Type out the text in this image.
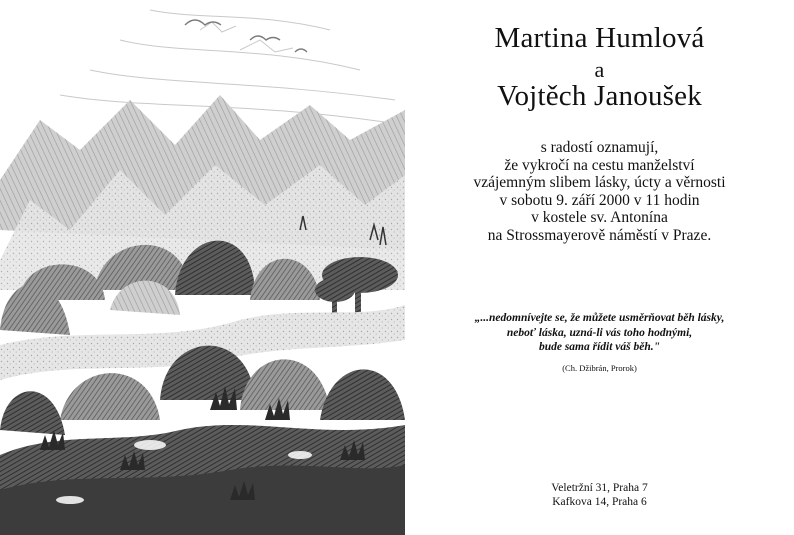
Martina Humlová
a
Vojtěch Janoušek
s radostí oznamují,
že vykročí na cestu manželství
vzájemným slibem lásky, úcty a věrnosti
v sobotu 9. září 2000 v 11 hodin
v kostele sv. Antonína
na Strossmayerově náměstí v Praze.
„...nedomnívejte se, že můžete usměrňovat běh lásky,
neboť láska, uzná-li vás toho hodnými,
bude sama řídit váš běh."
(Ch. Džibrán, Prorok)
Veletržní 31, Praha 7
Kafkova 14, Praha 6
